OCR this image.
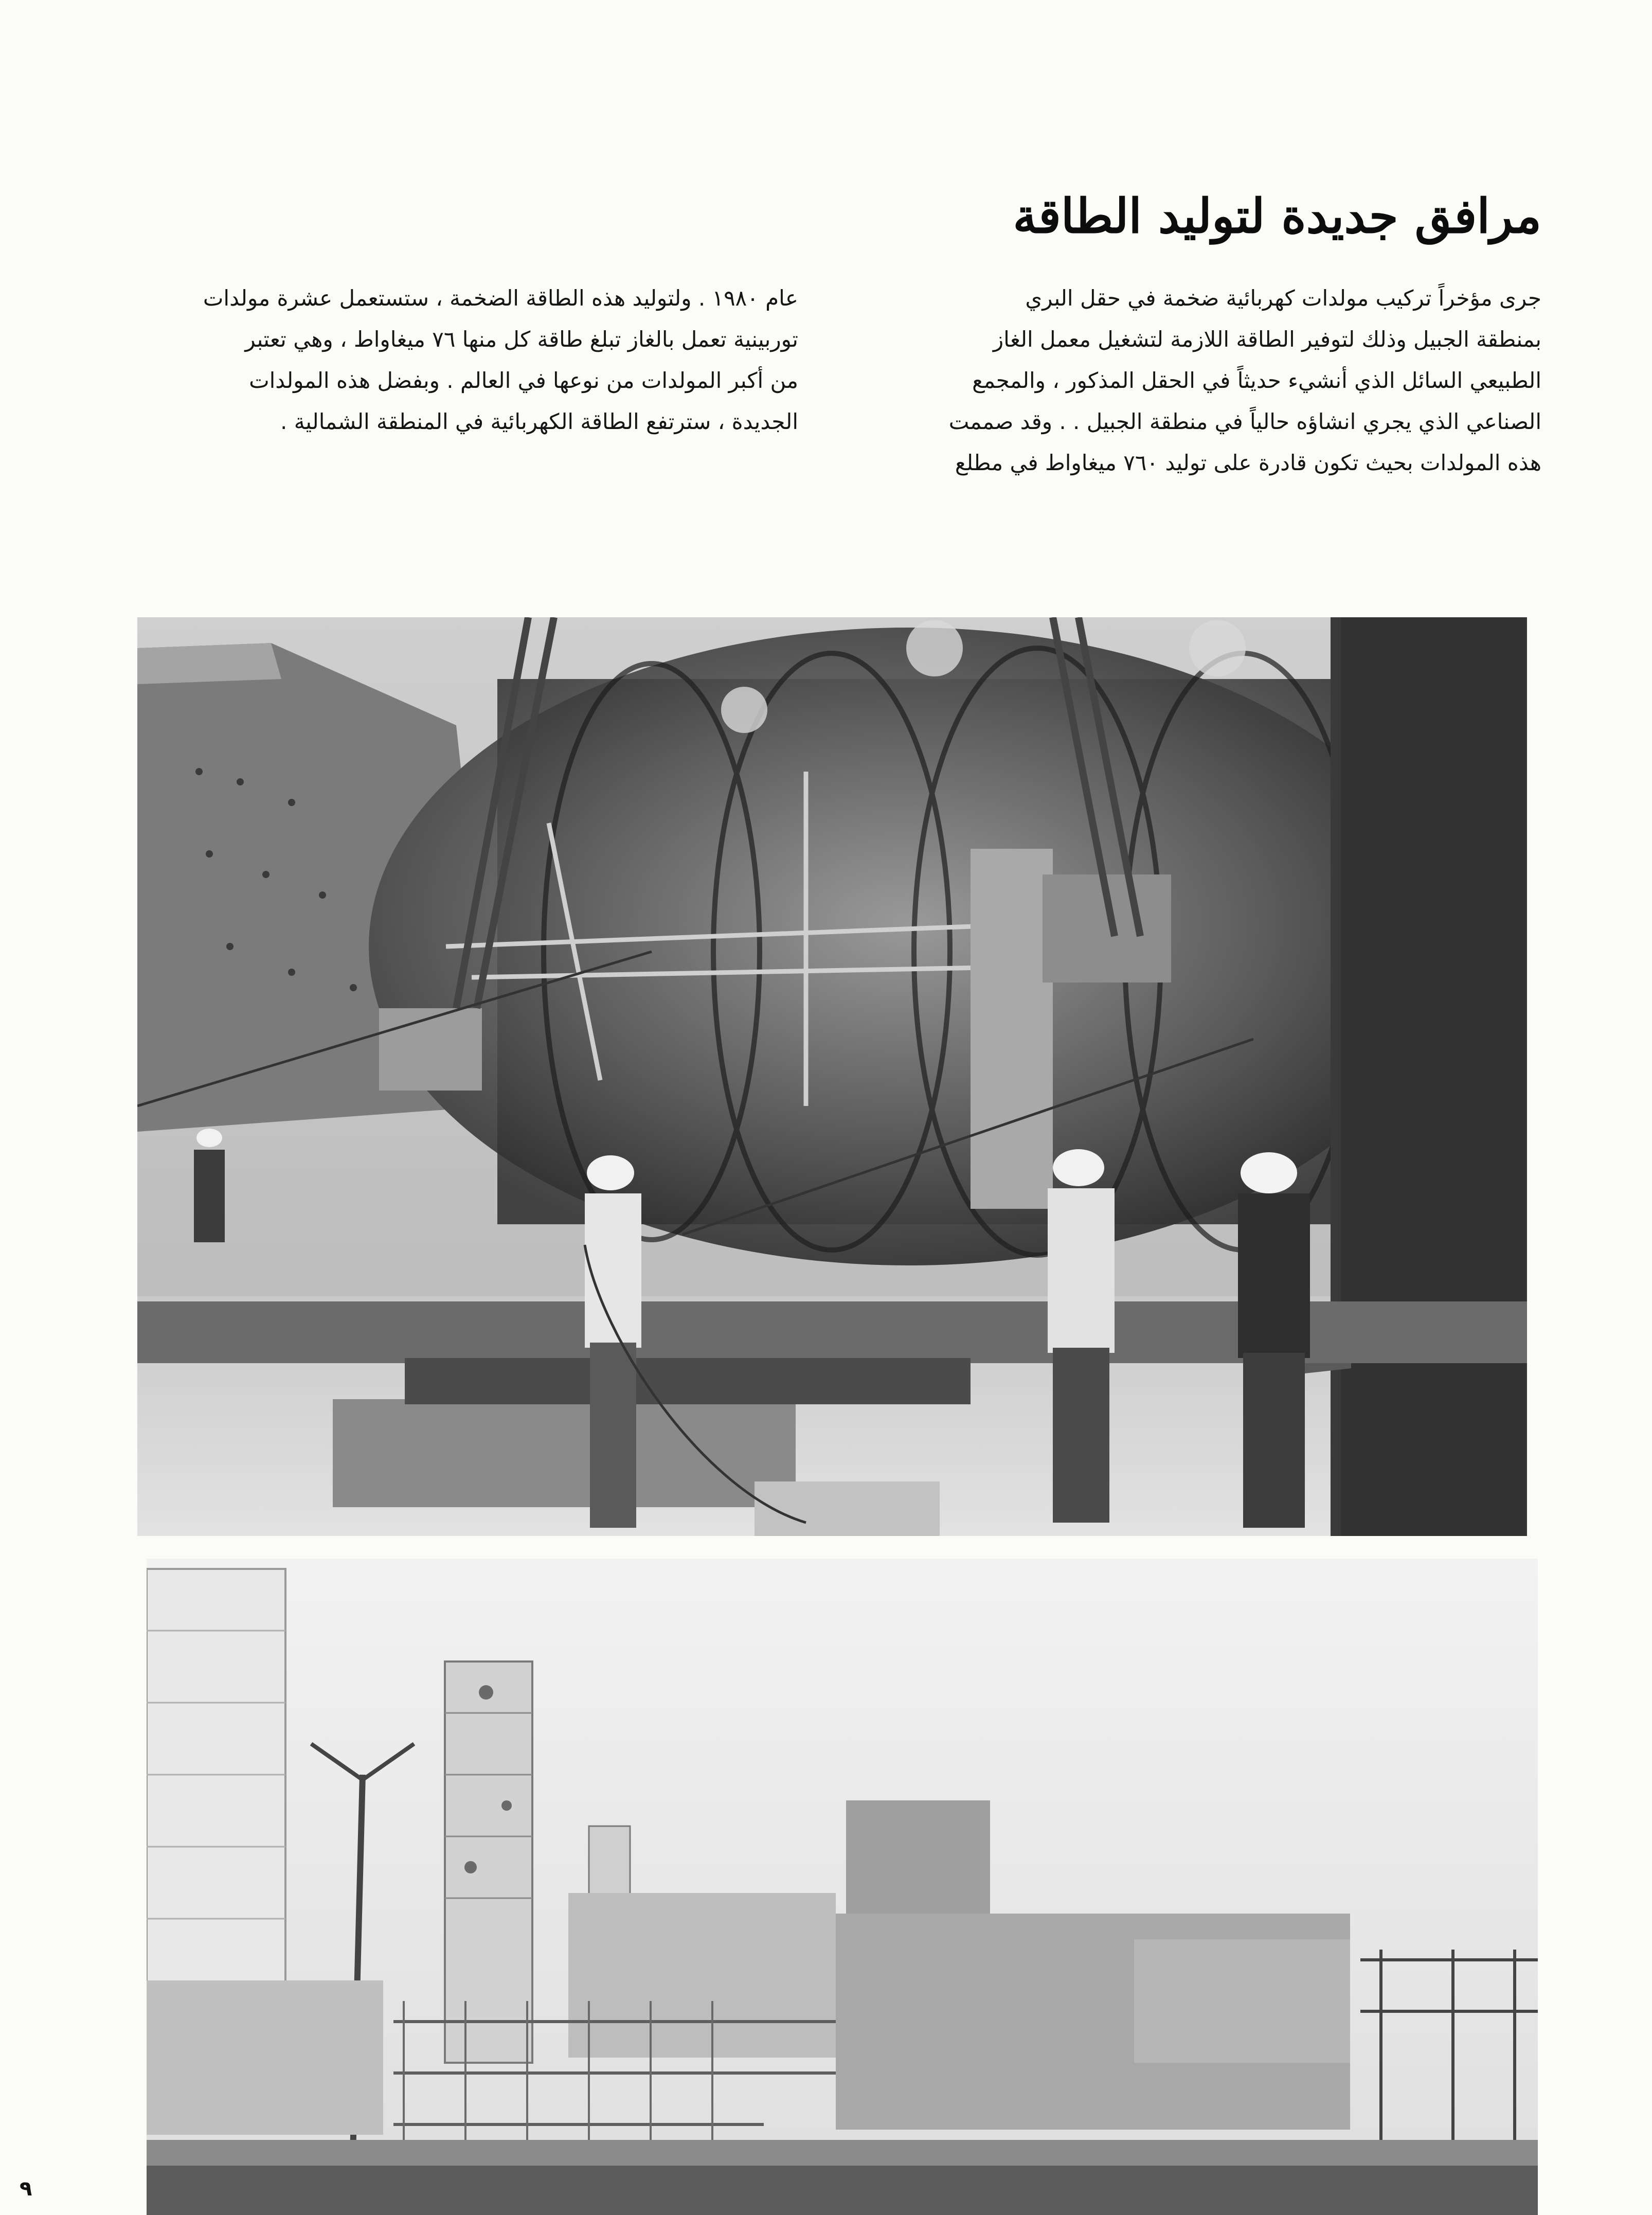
مرافق جديدة لتوليد الطاقة
جرى مؤخراً تركيب مولدات كهربائية ضخمة في حقل البري
بمنطقة الجبيل وذلك لتوفير الطاقة اللازمة لتشغيل معمل الغاز
الطبيعي السائل الذي أنشيء حديثاً في الحقل المذكور ، والمجمع
الصناعي الذي يجري انشاؤه حالياً في منطقة الجبيل . . وقد صممت
هذه المولدات بحيث تكون قادرة على توليد ٧٦٠ ميغاواط في مطلع
عام ١٩٨٠ . ولتوليد هذه الطاقة الضخمة ، ستستعمل عشرة مولدات
توربينية تعمل بالغاز تبلغ طاقة كل منها ٧٦ ميغاواط ، وهي تعتبر
من أكبر المولدات من نوعها في العالم . وبفضل هذه المولدات
الجديدة ، سترتفع الطاقة الكهربائية في المنطقة الشمالية .
٩
